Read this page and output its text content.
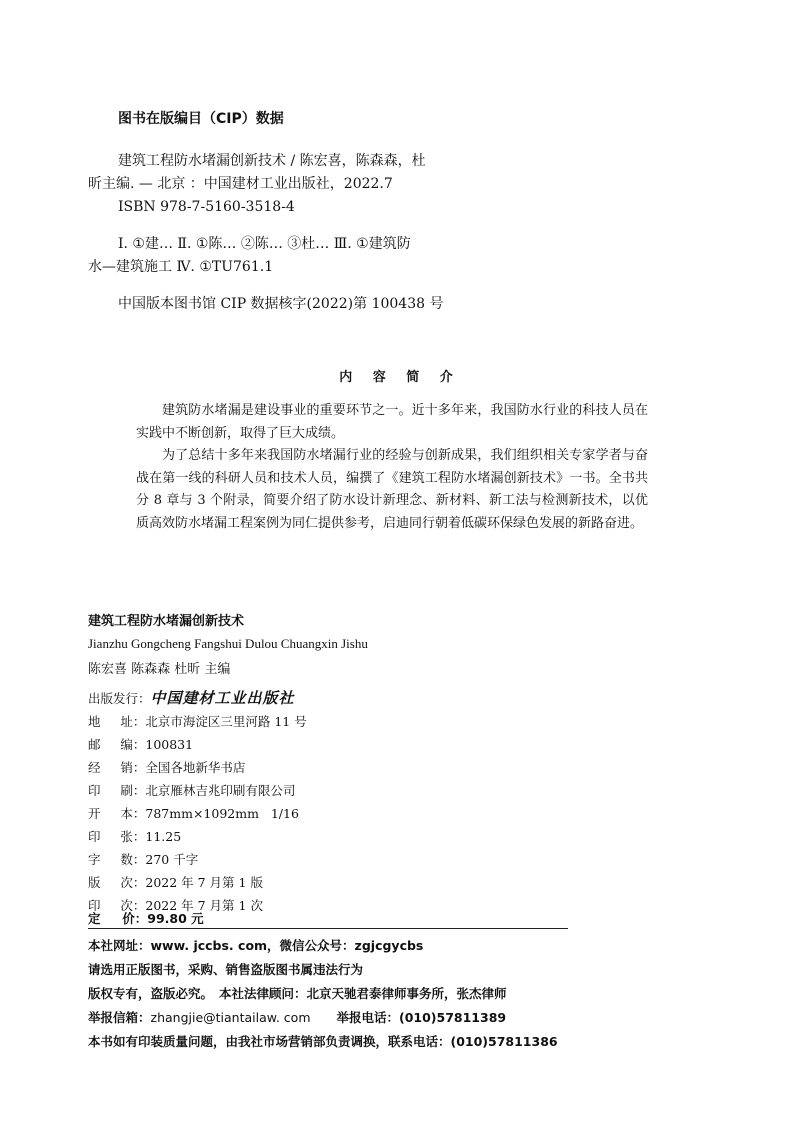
图书在版编目（CIP）数据
建筑工程防水堵漏创新技术 / 陈宏喜，陈森森，杜
昕主编. — 北京 ：中国建材工业出版社，2022.7
ISBN 978-7-5160-3518-4
Ⅰ. ①建… Ⅱ. ①陈… ②陈… ③杜… Ⅲ. ①建筑防
水—建筑施工 Ⅳ. ①TU761.1
中国版本图书馆 CIP 数据核字(2022)第 100438 号
内 容 简 介

建筑防水堵漏是建设事业的重要环节之一。近十多年来，我国防水行业的科技人员在实践中不断创新，取得了巨大成绩。

为了总结十多年来我国防水堵漏行业的经验与创新成果，我们组织相关专家学者与奋战在第一线的科研人员和技术人员，编撰了《建筑工程防水堵漏创新技术》一书。全书共分 8 章与 3 个附录，简要介绍了防水设计新理念、新材料、新工法与检测新技术，以优质高效防水堵漏工程案例为同仁提供参考，启迪同行朝着低碳环保绿色发展的新路奋进。

建筑工程防水堵漏创新技术
Jianzhu Gongcheng Fangshui Dulou Chuangxin Jishu
陈宏喜 陈森森 杜昕 主编
出版发行：中国建材工业出版社
地     址：北京市海淀区三里河路 11 号
邮     编：100831
经     销：全国各地新华书店
印     刷：北京雁林吉兆印刷有限公司
开     本：787mm×1092mm   1/16
印     张：11.25
字     数：270 千字
版     次：2022 年 7 月第 1 版
印     次：2022 年 7 月第 1 次
定     价：99.80 元
本社网址：www. jccbs. com，微信公众号：zgjcgycbs
请选用正版图书，采购、销售盗版图书属违法行为
版权专有，盗版必究。 本社法律顾问：北京天驰君泰律师事务所，张杰律师
举报信箱：zhangjie@tiantailaw. com 举报电话：(010)57811389
本书如有印装质量问题，由我社市场营销部负责调换，联系电话：(010)57811386
